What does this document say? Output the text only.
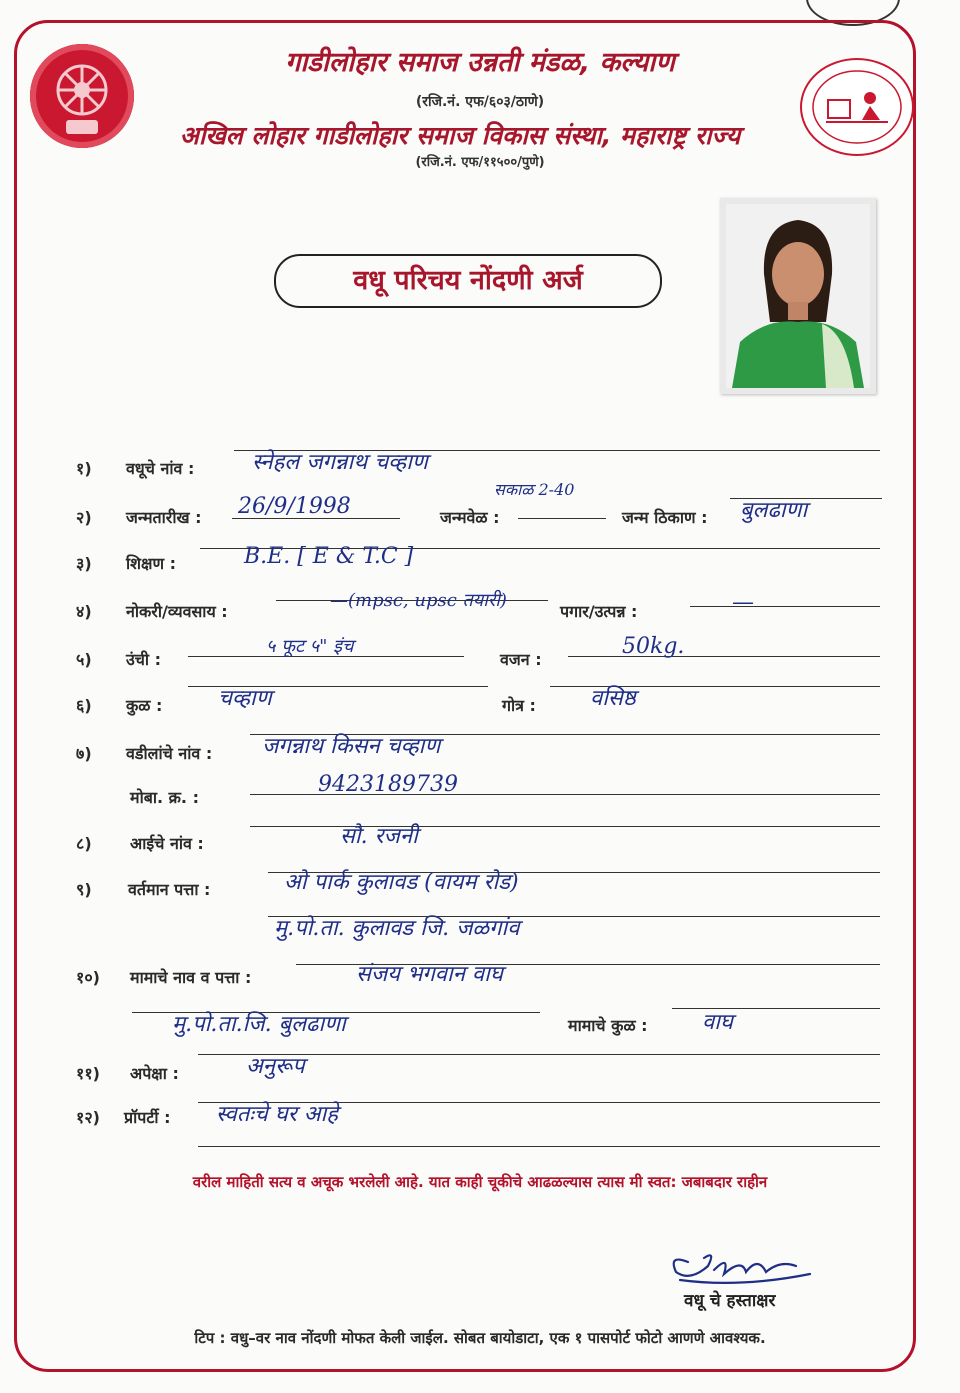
गाडीलोहार समाज उन्नती मंडळ, कल्याण
(रजि.नं. एफ/६०३/ठाणे)
अखिल लोहार गाडीलोहार समाज विकास संस्था, महाराष्ट्र राज्य
(रजि.नं. एफ/११५००/पुणे)
वधू परिचय नोंदणी अर्ज
१) वधूचे नांव :	स्नेहल जगन्नाथ चव्हाण
२) जन्मतारीख : 26/9/1998	जन्मवेळ :
सकाळ 2-40
जन्म ठिकाण : बुलढाणा
३) शिक्षण :	B.E. [ E & T.C ]
४) नोकरी/व्यवसाय :
—(mpsc, upsc तयारी)
पगार/उत्पन्न :	—
५) उंची :
५ फूट ५" इंच
वजन :
50kg.
६) कुळ :	चव्हाण	गोत्र : वसिष्ठ
७) वडीलांचे नांव : जगन्नाथ किसन चव्हाण
मोबा. क्र. :
9423189739
८) आईचे नांव :	सौ. रजनी
९) वर्तमान पत्ता :	ओ पार्क कुलावड (वायम रोड)
मु.पो.ता. कुलावड जि. जळगांव
१०) मामाचे नाव व पत्ता :	संजय भगवान वाघ
मु.पो.ता.जि. बुलढाणा	मामाचे कुळ : वाघ
११) अपेक्षा :	अनुरूप
१२) प्रॉपर्टी : स्वतःचे घर आहे
वरील माहिती सत्य व अचूक भरलेली आहे. यात काही चूकीचे आढळल्यास त्यास मी स्वत: जबाबदार राहीन
वधू चे हस्ताक्षर
टिप : वधु–वर नाव नोंदणी मोफत केली जाईल. सोबत बायोडाटा, एक १ पासपोर्ट फोटो आणणे आवश्यक.
